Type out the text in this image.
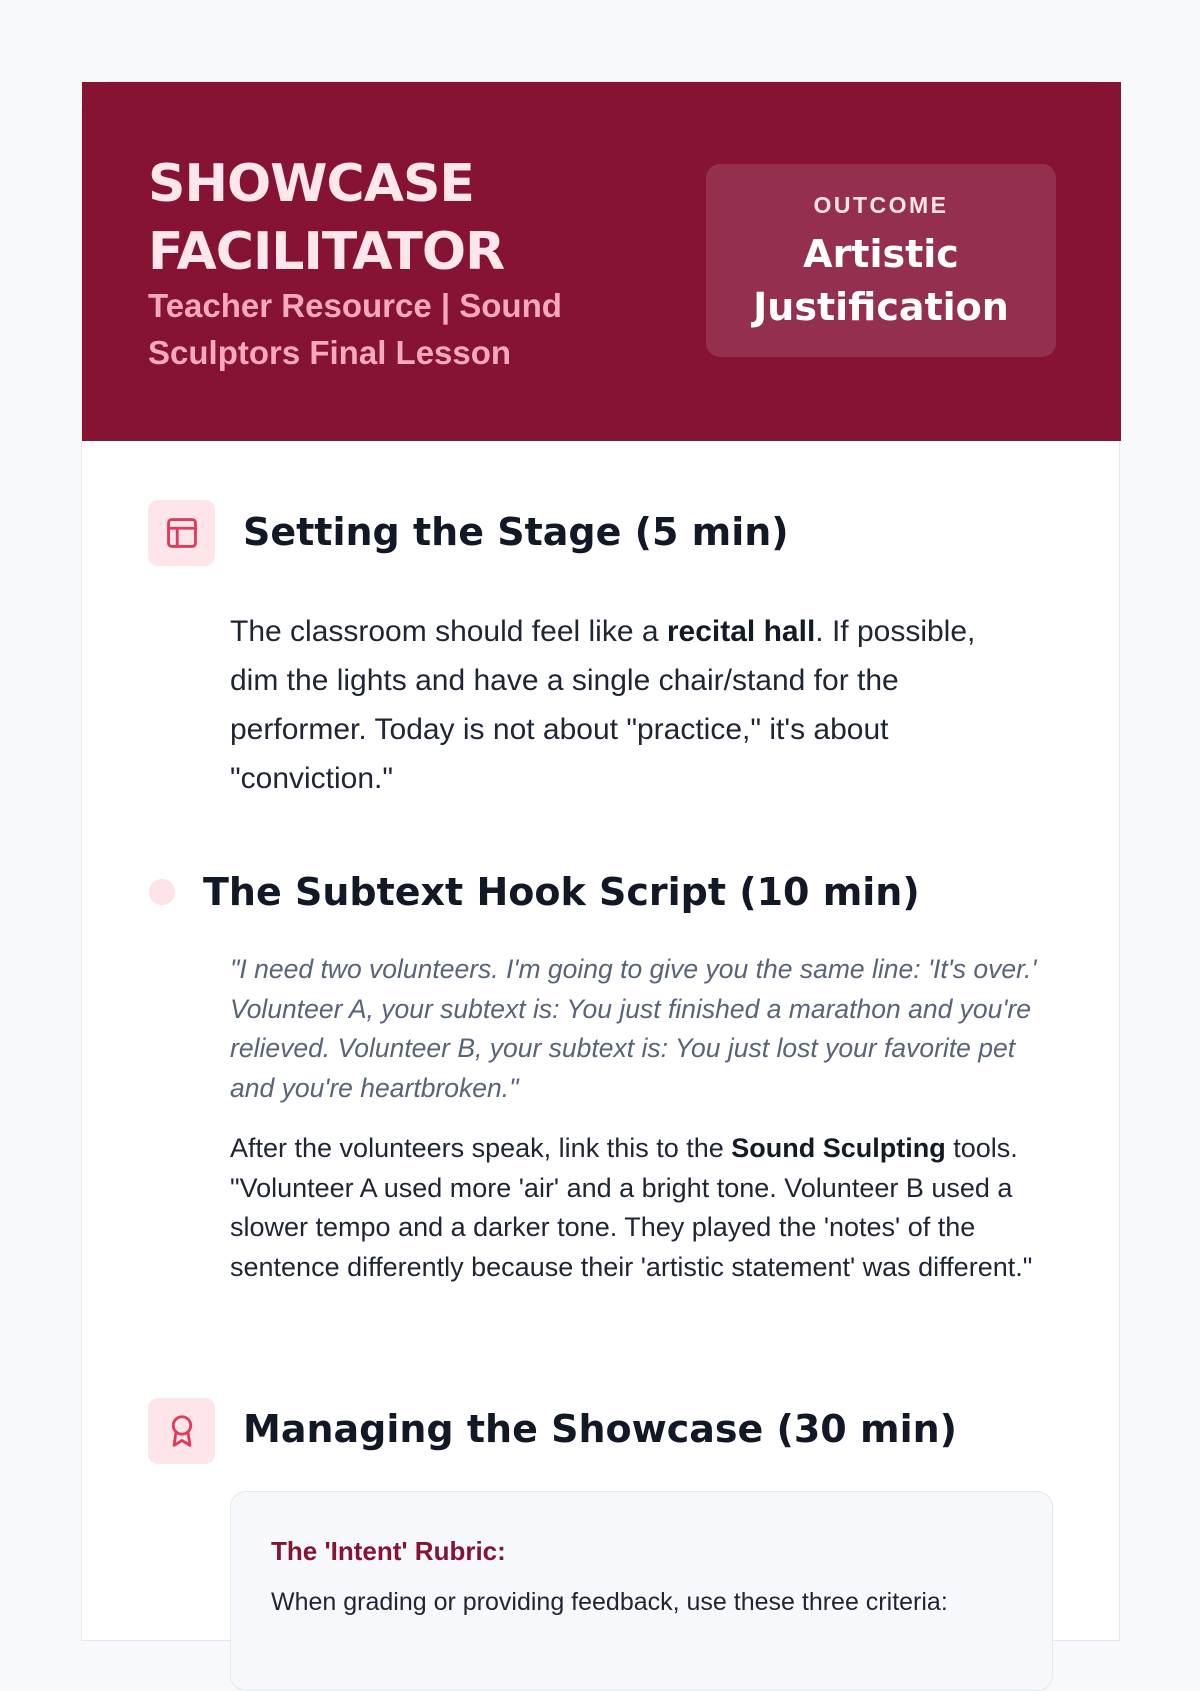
SHOWCASE
FACILITATOR
Teacher Resource | Sound Sculptors Final Lesson
OUTCOME
Artistic Justification
Setting the Stage (5 min)
The classroom should feel like a recital hall. If possible, dim the lights and have a single chair/stand for the performer. Today is not about "practice," it's about "conviction."
The Subtext Hook Script (10 min)
"I need two volunteers. I'm going to give you the same line: 'It's over.' Volunteer A, your subtext is: You just finished a marathon and you're relieved. Volunteer B, your subtext is: You just lost your favorite pet and you're heartbroken."
After the volunteers speak, link this to the Sound Sculpting tools. "Volunteer A used more 'air' and a bright tone. Volunteer B used a slower tempo and a darker tone. They played the 'notes' of the sentence differently because their 'artistic statement' was different."
Managing the Showcase (30 min)
The 'Intent' Rubric:
When grading or providing feedback, use these three criteria:
